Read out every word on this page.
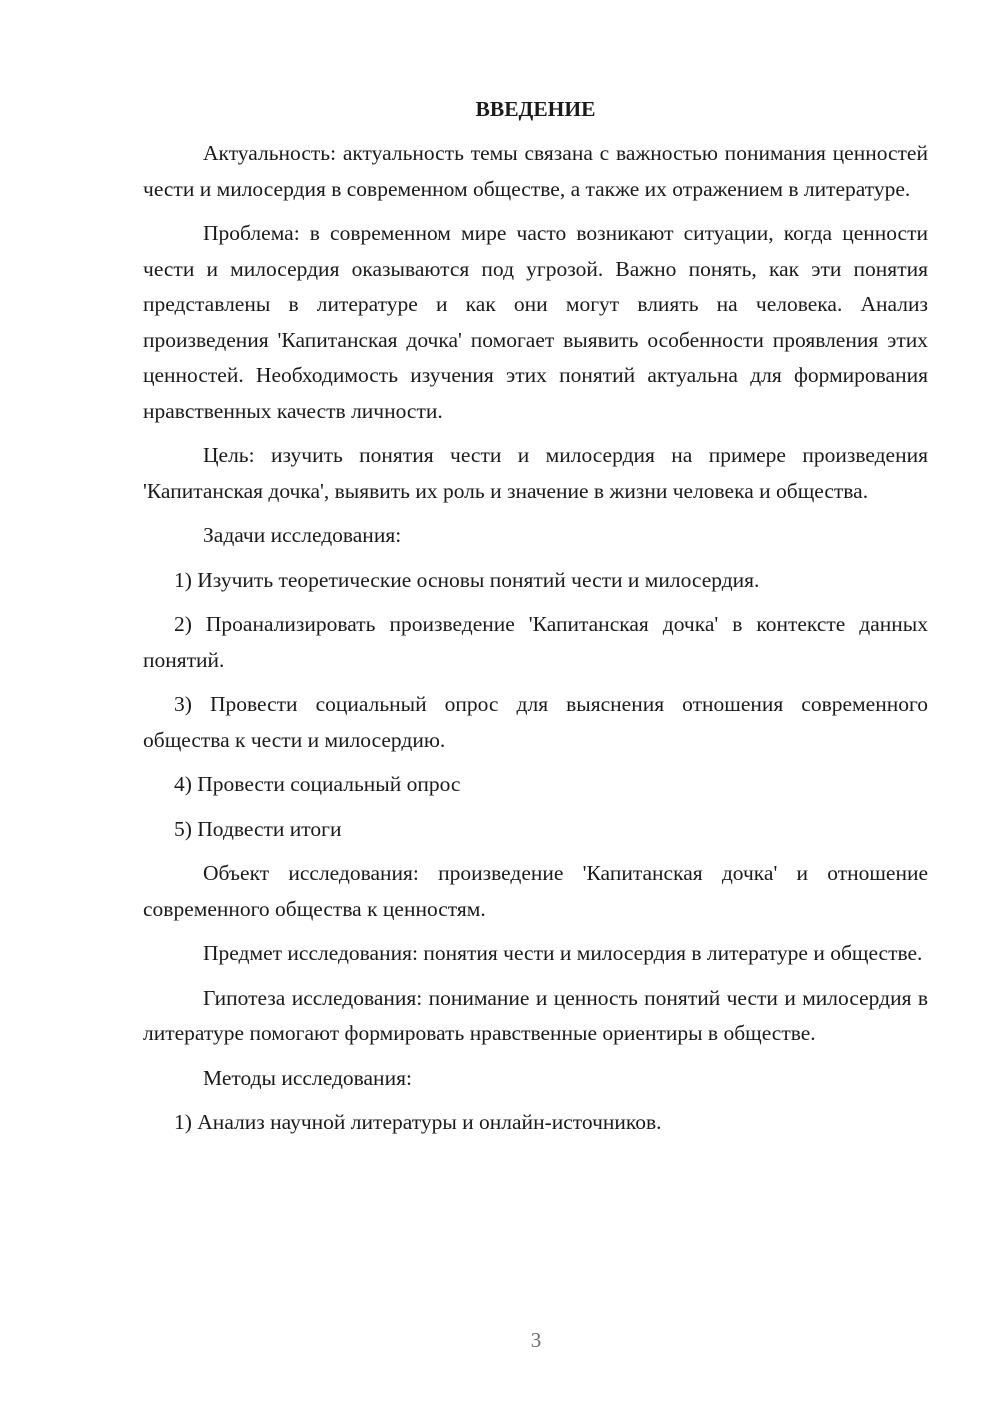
ВВЕДЕНИЕ

Актуальность: актуальность темы связана с важностью понимания ценностей чести и милосердия в современном обществе, а также их отражением в литературе.

Проблема: в современном мире часто возникают ситуации, когда ценности чести и милосердия оказываются под угрозой. Важно понять, как эти понятия представлены в литературе и как они могут влиять на человека. Анализ произведения 'Капитанская дочка' помогает выявить особенности проявления этих ценностей. Необходимость изучения этих понятий актуальна для формирования нравственных качеств личности.

Цель: изучить понятия чести и милосердия на примере произведения 'Капитанская дочка', выявить их роль и значение в жизни человека и общества.

Задачи исследования:

1) Изучить теоретические основы понятий чести и милосердия.

2) Проанализировать произведение 'Капитанская дочка' в контексте данных понятий.

3) Провести социальный опрос для выяснения отношения современного общества к чести и милосердию.

4) Провести социальный опрос

5) Подвести итоги

Объект исследования: произведение 'Капитанская дочка' и отношение современного общества к ценностям.

Предмет исследования: понятия чести и милосердия в литературе и обществе.

Гипотеза исследования: понимание и ценность понятий чести и милосердия в литературе помогают формировать нравственные ориентиры в обществе.

Методы исследования:

1) Анализ научной литературы и онлайн-источников.

3
